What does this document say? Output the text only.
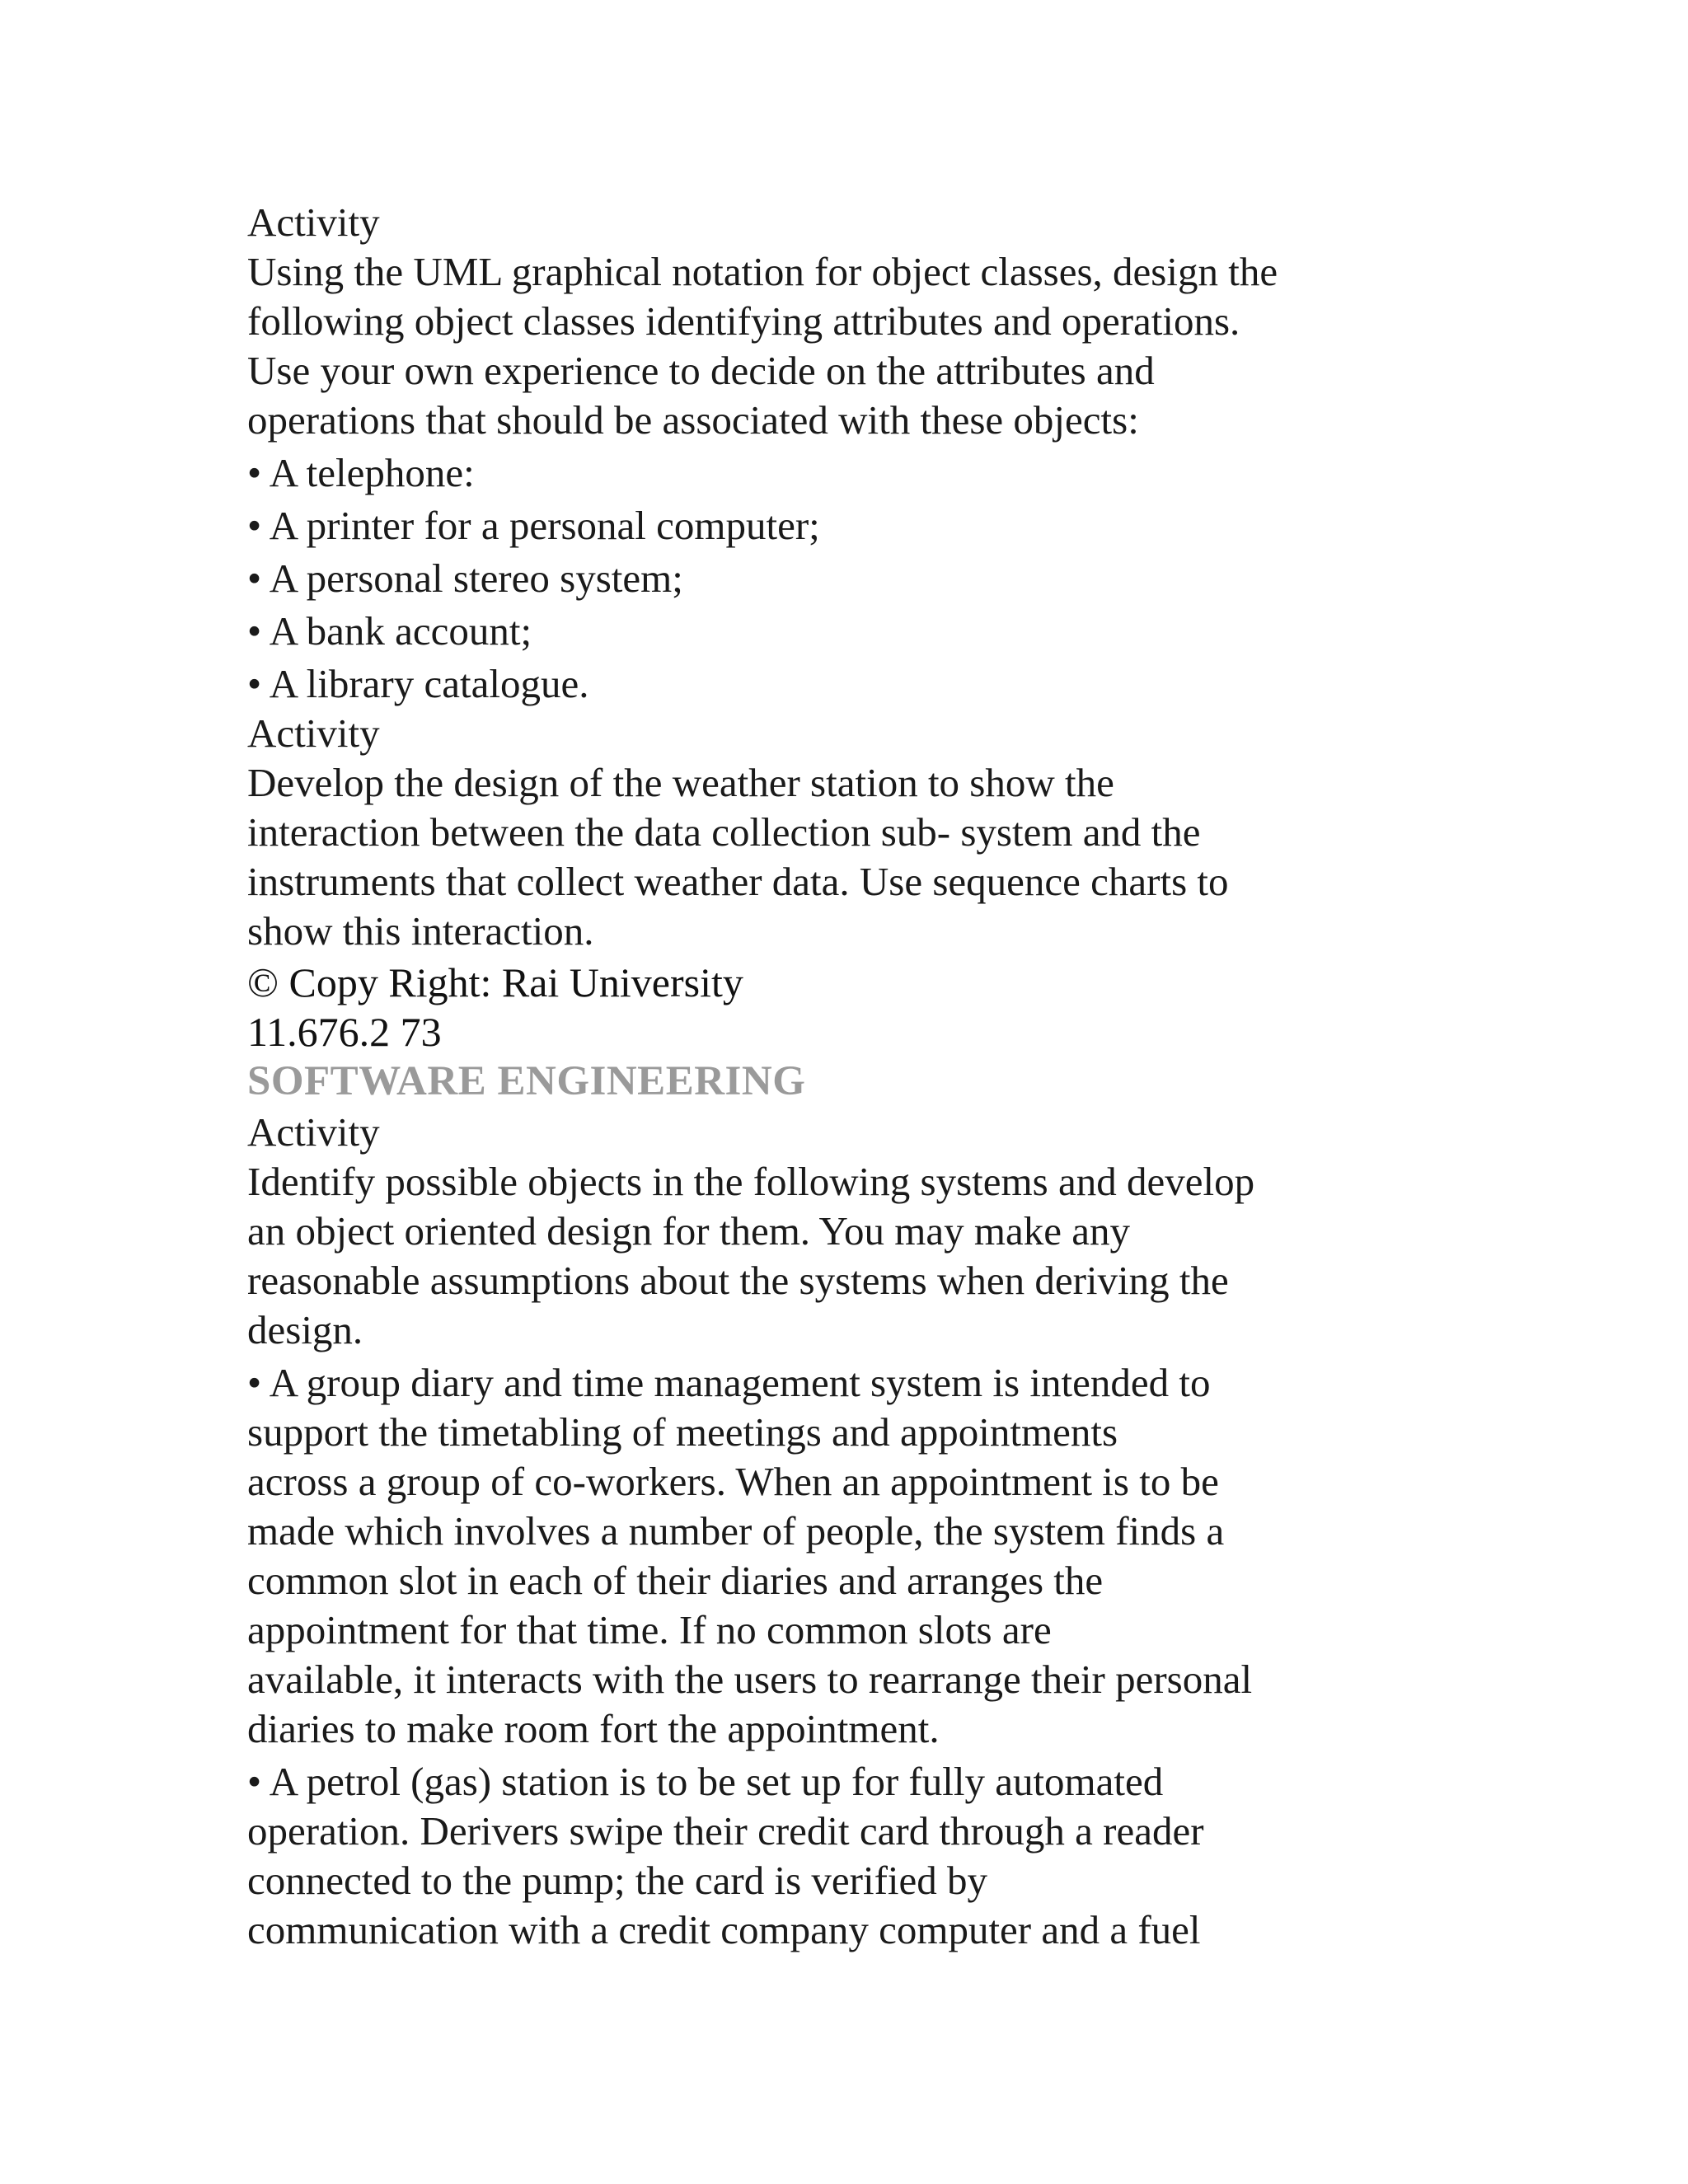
Activity
Using the UML graphical notation for object classes, design the
following object classes identifying attributes and operations.
Use your own experience to decide on the attributes and
operations that should be associated with these objects:
• A telephone:
• A printer for a personal computer;
• A personal stereo system;
• A bank account;
• A library catalogue.
Activity
Develop the design of the weather station to show the
interaction between the data collection sub- system and the
instruments that collect weather data. Use sequence charts to
show this interaction.
© Copy Right: Rai University
11.676.2 73
SOFTWARE ENGINEERING
Activity
Identify possible objects in the following systems and develop
an object oriented design for them. You may make any
reasonable assumptions about the systems when deriving the
design.
• A group diary and time management system is intended to
support the timetabling of meetings and appointments
across a group of co-workers. When an appointment is to be
made which involves a number of people, the system finds a
common slot in each of their diaries and arranges the
appointment for that time. If no common slots are
available, it interacts with the users to rearrange their personal
diaries to make room fort the appointment.
• A petrol (gas) station is to be set up for fully automated
operation. Derivers swipe their credit card through a reader
connected to the pump; the card is verified by
communication with a credit company computer and a fuel
